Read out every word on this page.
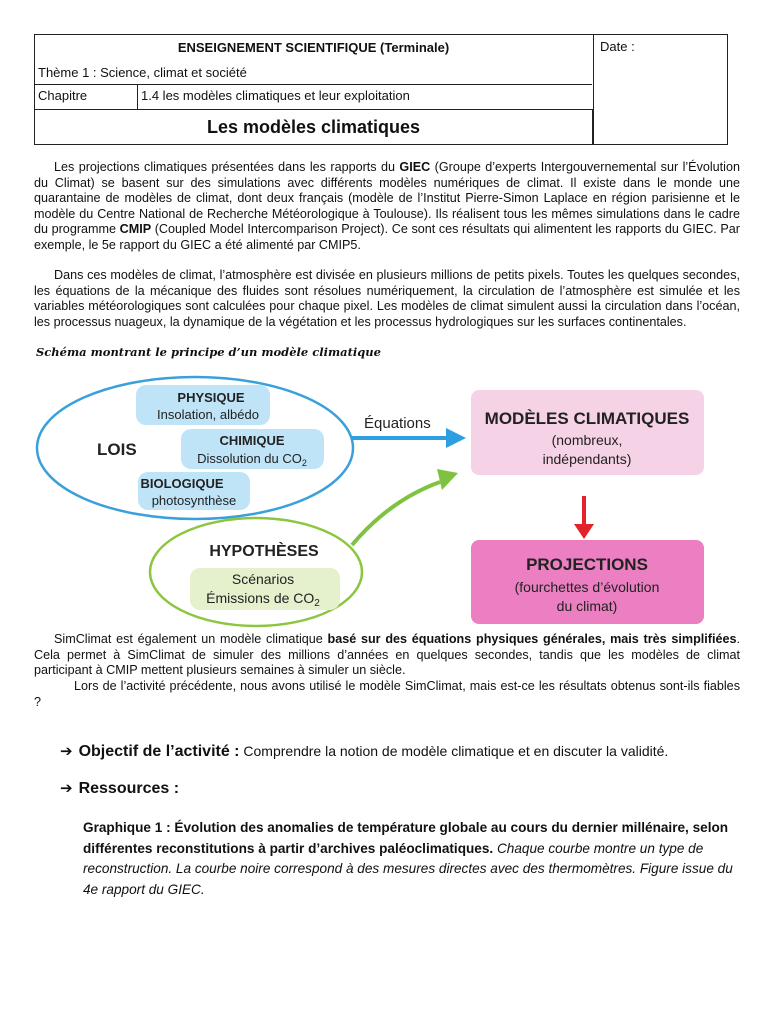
ENSEIGNEMENT SCIENTIFIQUE (Terminale)
Thème 1 : Science, climat et société
Chapitre	1.4 les modèles climatiques et leur exploitation
Les modèles climatiques
Date :
Les projections climatiques présentées dans les rapports du GIEC (Groupe d’experts Intergouvernemental sur l’Évolution du Climat) se basent sur des simulations avec différents modèles numériques de climat. Il existe dans le monde une quarantaine de modèles de climat, dont deux français (modèle de l’Institut Pierre-Simon Laplace en région parisienne et le modèle du Centre National de Recherche Météorologique à Toulouse). Ils réalisent tous les mêmes simulations dans le cadre du programme CMIP (Coupled Model Intercomparison Project). Ce sont ces résultats qui alimentent les rapports du GIEC. Par exemple, le 5e rapport du GIEC a été alimenté par CMIP5.
Dans ces modèles de climat, l’atmosphère est divisée en plusieurs millions de petits pixels. Toutes les quelques secondes, les équations de la mécanique des fluides sont résolues numériquement, la circulation de l’atmosphère est simulée et les variables météorologiques sont calculées pour chaque pixel. Les modèles de climat simulent aussi la circulation dans l’océan, les processus nuageux, la dynamique de la végétation et les processus hydrologiques sur les surfaces continentales.
Schéma montrant le principe d’un modèle climatique
LOIS
PHYSIQUE
Insolation, albédo
CHIMIQUE
Dissolution du $CO_2$
BIOLOGIQUE
photosynthèse
Équations	MODÈLES CLIMATIQUES
(nombreux,
indépendants)
HYPOTHÈSES
Scénarios
Émissions de $CO_2$
PROJECTIONS
(fourchettes d’évolution
du climat)
SimClimat est également un modèle climatique basé sur des équations physiques générales, mais très simplifiées. Cela permet à SimClimat de simuler des millions d’années en quelques secondes, tandis que les modèles de climat participant à CMIP mettent plusieurs semaines à simuler un siècle.
Lors de l’activité précédente, nous avons utilisé le modèle SimClimat, mais est-ce les résultats obtenus sont-ils fiables ?
➔ Objectif de l’activité : Comprendre la notion de modèle climatique et en discuter la validité.
➔ Ressources :
Graphique 1 : Évolution des anomalies de température globale au cours du dernier millénaire, selon différentes reconstitutions à partir d’archives paléoclimatiques. Chaque courbe montre un type de reconstruction. La courbe noire correspond à des mesures directes avec des thermomètres. Figure issue du 4e rapport du GIEC.
